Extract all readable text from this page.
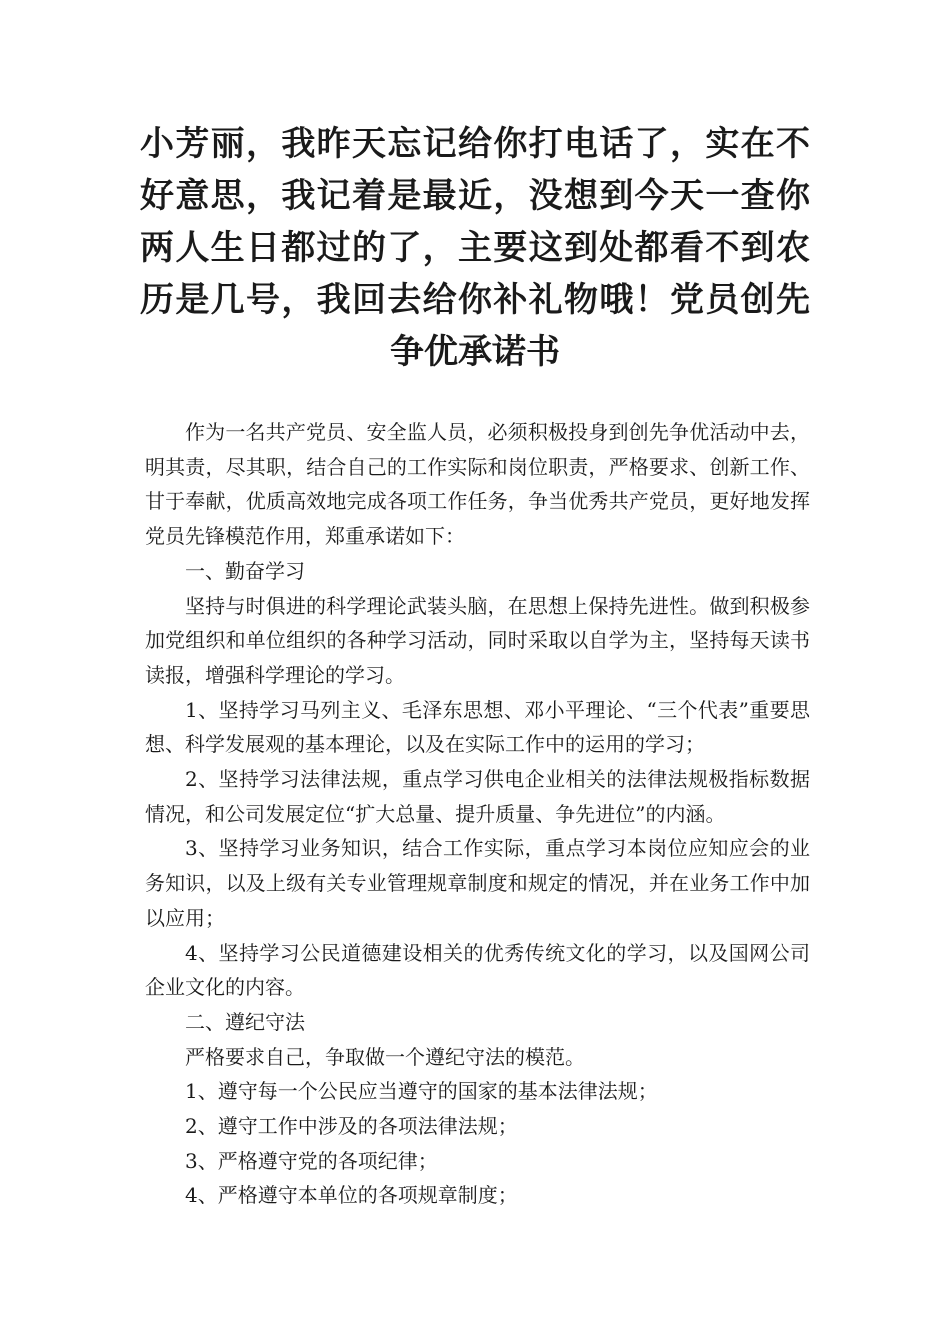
小芳丽，我昨天忘记给你打电话了，实在不好意思，我记着是最近，没想到今天一查你两人生日都过的了，主要这到处都看不到农历是几号，我回去给你补礼物哦！党员创先争优承诺书

作为一名共产党员、安全监人员，必须积极投身到创先争优活动中去，明其责，尽其职，结合自己的工作实际和岗位职责，严格要求、创新工作、甘于奉献，优质高效地完成各项工作任务，争当优秀共产党员，更好地发挥党员先锋模范作用，郑重承诺如下：

一、勤奋学习

坚持与时俱进的科学理论武装头脑，在思想上保持先进性。做到积极参加党组织和单位组织的各种学习活动，同时采取以自学为主，坚持每天读书读报，增强科学理论的学习。

1、坚持学习马列主义、毛泽东思想、邓小平理论、“三个代表”重要思想、科学发展观的基本理论，以及在实际工作中的运用的学习；

2、坚持学习法律法规，重点学习供电企业相关的法律法规极指标数据情况，和公司发展定位“扩大总量、提升质量、争先进位”的内涵。

3、坚持学习业务知识，结合工作实际，重点学习本岗位应知应会的业务知识，以及上级有关专业管理规章制度和规定的情况，并在业务工作中加以应用；

4、坚持学习公民道德建设相关的优秀传统文化的学习，以及国网公司企业文化的内容。

二、遵纪守法

严格要求自己，争取做一个遵纪守法的模范。

1、遵守每一个公民应当遵守的国家的基本法律法规；

2、遵守工作中涉及的各项法律法规；

3、严格遵守党的各项纪律；

4、严格遵守本单位的各项规章制度；
